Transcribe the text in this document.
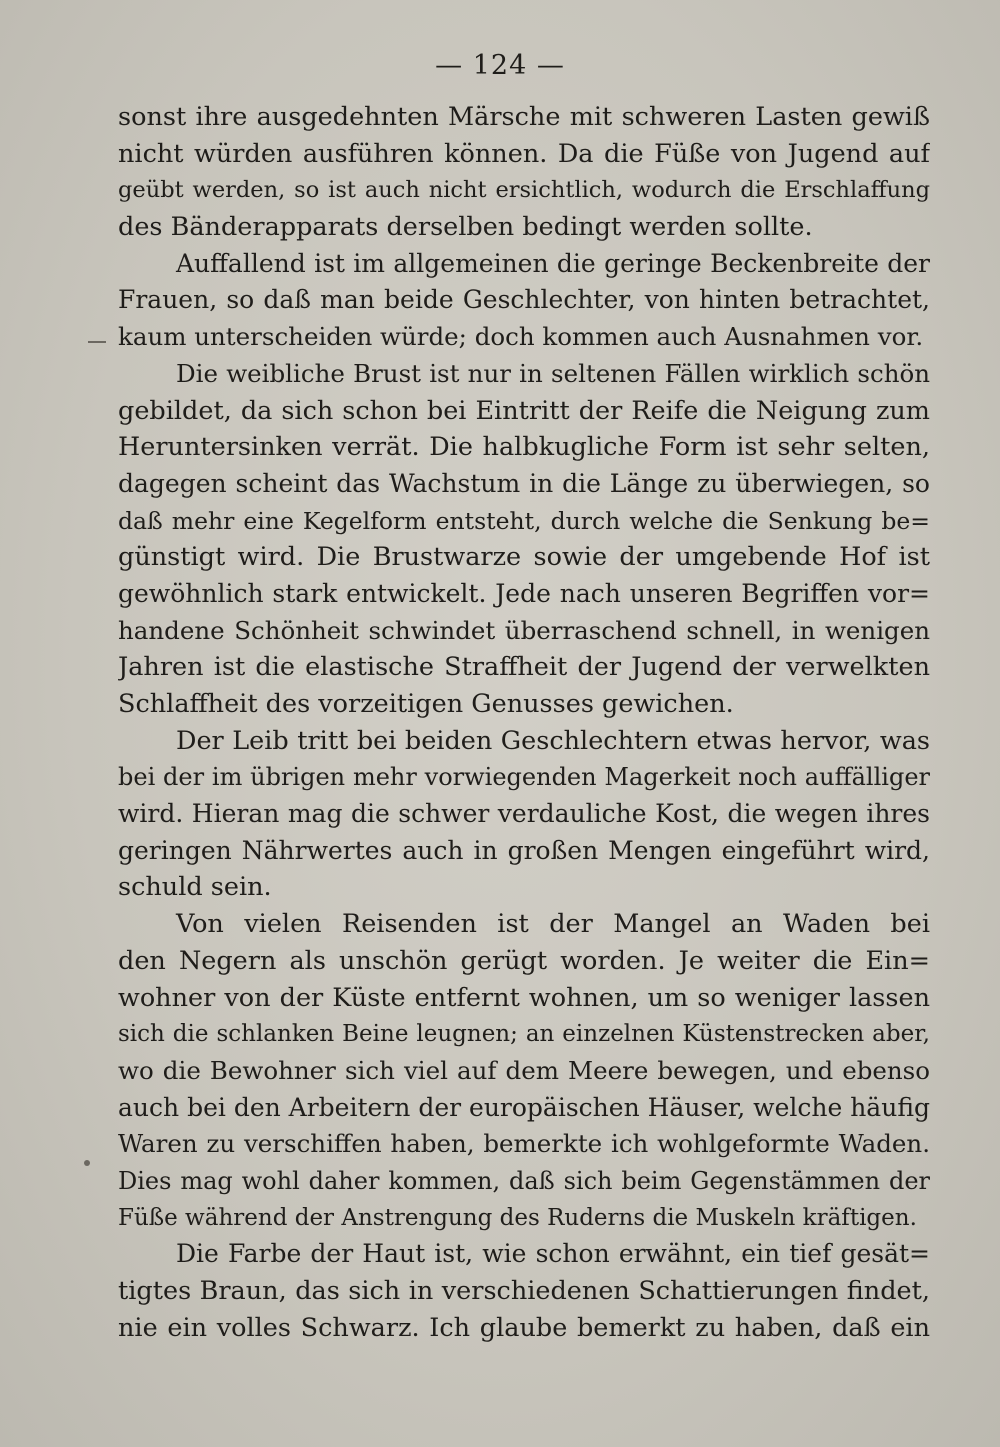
— 124 —
sonst ihre ausgedehnten Märsche mit schweren Lasten gewiß
nicht würden ausführen können. Da die Füße von Jugend auf
geübt werden, so ist auch nicht ersichtlich, wodurch die Erschlaffung
des Bänderapparats derselben bedingt werden sollte.
Auffallend ist im allgemeinen die geringe Beckenbreite der
Frauen, so daß man beide Geschlechter, von hinten betrachtet,
kaum unterscheiden würde; doch kommen auch Ausnahmen vor.
Die weibliche Brust ist nur in seltenen Fällen wirklich schön
gebildet, da sich schon bei Eintritt der Reife die Neigung zum
Heruntersinken verrät. Die halbkugliche Form ist sehr selten,
dagegen scheint das Wachstum in die Länge zu überwiegen, so
daß mehr eine Kegelform entsteht, durch welche die Senkung be=
günstigt wird. Die Brustwarze sowie der umgebende Hof ist
gewöhnlich stark entwickelt. Jede nach unseren Begriffen vor=
handene Schönheit schwindet überraschend schnell, in wenigen
Jahren ist die elastische Straffheit der Jugend der verwelkten
Schlaffheit des vorzeitigen Genusses gewichen.
Der Leib tritt bei beiden Geschlechtern etwas hervor, was
bei der im übrigen mehr vorwiegenden Magerkeit noch auffälliger
wird. Hieran mag die schwer verdauliche Kost, die wegen ihres
geringen Nährwertes auch in großen Mengen eingeführt wird,
schuld sein.
Von vielen Reisenden ist der Mangel an Waden bei
den Negern als unschön gerügt worden. Je weiter die Ein=
wohner von der Küste entfernt wohnen, um so weniger lassen
sich die schlanken Beine leugnen; an einzelnen Küstenstrecken aber,
wo die Bewohner sich viel auf dem Meere bewegen, und ebenso
auch bei den Arbeitern der europäischen Häuser, welche häufig
Waren zu verschiffen haben, bemerkte ich wohlgeformte Waden.
Dies mag wohl daher kommen, daß sich beim Gegenstämmen der
Füße während der Anstrengung des Ruderns die Muskeln kräftigen.
Die Farbe der Haut ist, wie schon erwähnt, ein tief gesät=
tigtes Braun, das sich in verschiedenen Schattierungen findet,
nie ein volles Schwarz. Ich glaube bemerkt zu haben, daß ein
